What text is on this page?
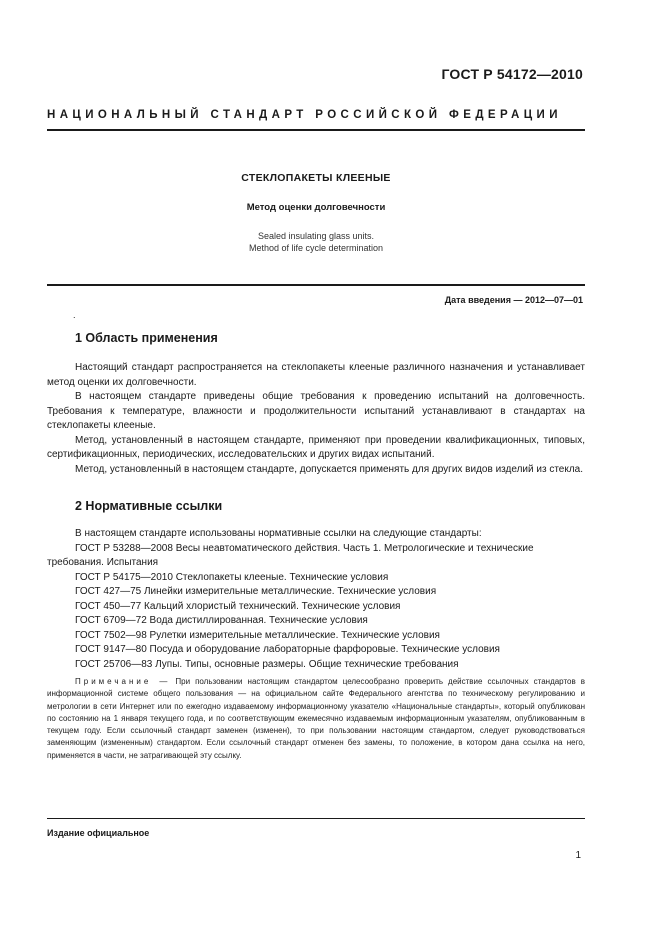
ГОСТ Р 54172—2010
НАЦИОНАЛЬНЫЙ СТАНДАРТ РОССИЙСКОЙ ФЕДЕРАЦИИ
СТЕКЛОПАКЕТЫ КЛЕЕНЫЕ
Метод оценки долговечности
Sealed insulating glass units.
Method of life cycle determination
Дата введения — 2012—07—01
.
1 Область применения

Настоящий стандарт распространяется на стеклопакеты клееные различного назначения и устанавливает метод оценки их долговечности.

В настоящем стандарте приведены общие требования к проведению испытаний на долговечность. Требования к температуре, влажности и продолжительности испытаний устанавливают в стандартах на стеклопакеты клееные.

Метод, установленный в настоящем стандарте, применяют при проведении квалификационных, типовых, сертификационных, периодических, исследовательских и других видах испытаний.

Метод, установленный в настоящем стандарте, допускается применять для других видов изделий из стекла.

2 Нормативные ссылки

В настоящем стандарте использованы нормативные ссылки на следующие стандарты:

ГОСТ Р 53288—2008 Весы неавтоматического действия. Часть 1. Метрологические и технические требования. Испытания

ГОСТ Р 54175—2010 Стеклопакеты клееные. Технические условия

ГОСТ 427—75 Линейки измерительные металлические. Технические условия

ГОСТ 450—77 Кальций хлористый технический. Технические условия

ГОСТ 6709—72 Вода дистиллированная. Технические условия

ГОСТ 7502—98 Рулетки измерительные металлические. Технические условия

ГОСТ 9147—80 Посуда и оборудование лабораторные фарфоровые. Технические условия

ГОСТ 25706—83 Лупы. Типы, основные размеры. Общие технические требования

Примечание — При пользовании настоящим стандартом целесообразно проверить действие ссылочных стандартов в информационной системе общего пользования — на официальном сайте Федерального агентства по техническому регулированию и метрологии в сети Интернет или по ежегодно издаваемому информационному указателю «Национальные стандарты», который опубликован по состоянию на 1 января текущего года, и по соответствующим ежемесячно издаваемым информационным указателям, опубликованным в текущем году. Если ссылочный стандарт заменен (изменен), то при пользовании настоящим стандартом, следует руководствоваться заменяющим (измененным) стандартом. Если ссылочный стандарт отменен без замены, то положение, в котором дана ссылка на него, применяется в части, не затрагивающей эту ссылку.

Издание официальное
1
